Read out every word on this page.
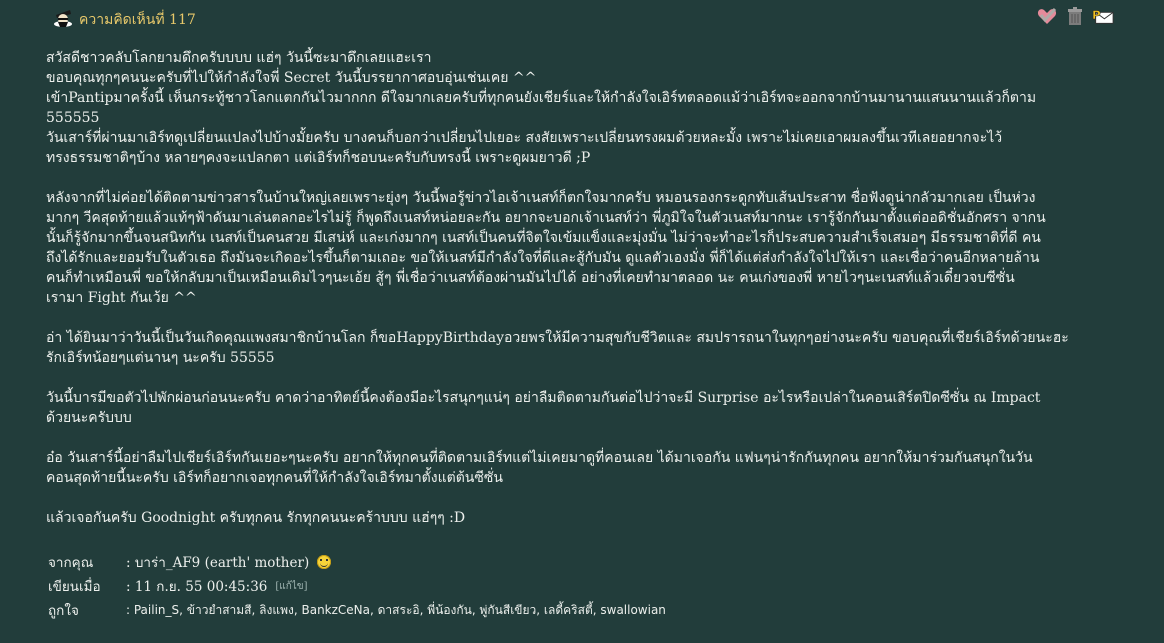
ความคิดเห็นที่ 117	P

สวัสดีชาวคลับโลกยามดึกครับบบบ แฮ่ๆ วันนี้ซะมาดึกเลยแฮะเรา

ขอบคุณทุกๆคนนะครับที่ไปให้กำลังใจพี่ Secret วันนี้บรรยากาศอบอุ่นเช่นเคย ^^

เข้าPantipมาครั้งนี้ เห็นกระทู้ชาวโลกแตกกันไวมากกก ดีใจมากเลยครับที่ทุกคนยังเชียร์และให้กำลังใจเอิร์ทตลอดแม้ว่าเอิร์ทจะออกจากบ้านมานานแสนนานแล้วก็ตาม

555555

วันเสาร์ที่ผ่านมาเอิร์ทดูเปลี่ยนแปลงไปบ้างมั้ยครับ บางคนก็บอกว่าเปลี่ยนไปเยอะ สงสัยเพราะเปลี่ยนทรงผมด้วยหละมั้ง เพราะไม่เคยเอาผมลงขึ้นเวทีเลยอยากจะไว้

ทรงธรรมชาติๆบ้าง หลายๆคงจะแปลกตา แต่เอิร์ทก็ชอบนะครับกับทรงนี้ เพราะดูผมยาวดี ;P

หลังจากที่ไม่ค่อยได้ติดตามข่าวสารในบ้านใหญ่เลยเพราะยุ่งๆ วันนี้พอรู้ข่าวไอเจ้าเนสท์ก็ตกใจมากครับ หมอนรองกระดูกทับเส้นประสาท ชื่อฟังดูน่ากลัวมากเลย เป็นห่วง

มากๆ วีคสุดท้ายแล้วแท้ๆฟ้าดันมาเล่นตลกอะไรไม่รู้ ก็พูดถึงเนสท์หน่อยละกัน อยากจะบอกเจ้าเนสท์ว่า พี่ภูมิใจในตัวเนสท์มากนะ เรารู้จักกันมาตั้งแต่ออดิชั่นอักศรา จากน

นั้นก็รู้จักมากขึ้นจนสนิทกัน เนสท์เป็นคนสวย มีเสน่ห์ และเก่งมากๆ เนสท์เป็นคนที่จิตใจเข้มแข็งและมุ่งมั่น ไม่ว่าจะทำอะไรก็ประสบความสำเร็จเสมอๆ มีธรรมชาติที่ดี คน

ถึงได้รักและยอมรับในตัวเธอ ถึงมันจะเกิดอะไรขึ้นก็ตามเถอะ ขอให้เนสท์มีกำลังใจที่ดีและสู้กับมัน ดูแลตัวเองมั่ง พี่ก็ได้แต่ส่งกำลังใจไปให้เรา และเชื่อว่าคนอีกหลายล้าน

คนก็ทำเหมือนพี่ ขอให้กลับมาเป็นเหมือนเดิมไวๆนะเอ้ย สู้ๆ พี่เชื่อว่าเนสท์ต้องผ่านมันไปได้ อย่างที่เคยทำมาตลอด นะ คนเก่งของพี่ หายไวๆนะเนสท์แล้วเดี๋ยวจบซีซั่น

เรามา Fight กันเว้ย ^^

อ่า ได้ยินมาว่าวันนี้เป็นวันเกิดคุณแพงสมาชิกบ้านโลก ก็ขอHappyBirthdayอวยพรให้มีความสุขกับชีวิตและ สมปรารถนาในทุกๆอย่างนะครับ ขอบคุณที่เชียร์เอิร์ทด้วยนะฮะ

รักเอิร์ทน้อยๆแต่นานๆ นะครับ 55555

วันนี้บารมีขอตัวไปพักผ่อนก่อนนะครับ คาดว่าอาทิตย์นี้คงต้องมีอะไรสนุกๆแน่ๆ อย่าลืมติดตามกันต่อไปว่าจะมี Surprise อะไรหรือเปล่าในคอนเสิร์ตปิดซีซั่น ณ Impact

ด้วยนะครับบบ

อ๋อ วันเสาร์นี้อย่าลืมไปเชียร์เอิร์ทกันเยอะๆนะครับ อยากให้ทุกคนที่ติดตามเอิร์ทแต่ไม่เคยมาดูที่คอนเลย ได้มาเจอกัน แฟนๆน่ารักกันทุกคน อยากให้มาร่วมกันสนุกในวัน

คอนสุดท้ายนี้นะครับ เอิร์ทก็อยากเจอทุกคนที่ให้กำลังใจเอิร์ทมาตั้งแต่ต้นซีซั่น

แล้วเจอกันครับ Goodnight ครับทุกคน รักทุกคนนะคร้าบบบ แฮ่ๆๆ :D

จากคุณ	: บาร่า_AF9 (earth' mother)
เขียนเมื่อ	: 11 ก.ย. 55 00:45:36 [แก้ไข]
ถูกใจ	: Pailin_S, ข้าวยำสามสี, ลิงแพง, BankzCeNa, ดาสระอิ, พี่น้องกัน, พู่กันสีเขียว, เลดี้คริสตี้, swallowian
